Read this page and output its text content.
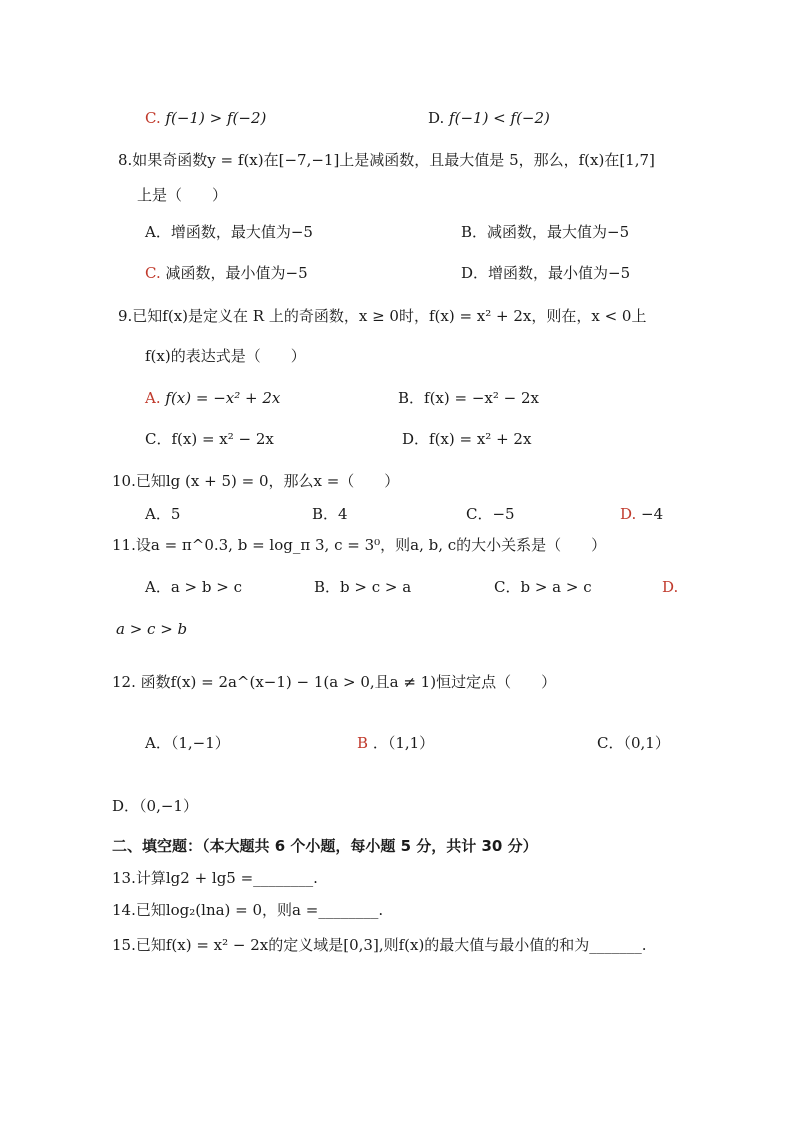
C. f(−1) > f(−2)	D. f(−1) < f(−2)
8.如果奇函数y = f(x)在[−7,−1]上是减函数，且最大值是 5，那么，f(x)在[1,7]
上是（　　）
A．增函数，最大值为−5	B．减函数，最大值为−5
C. 减函数，最小值为−5	D．增函数，最小值为−5
9.已知f(x)是定义在 R 上的奇函数，x ≥ 0时，f(x) = x² + 2x，则在，x < 0上
f(x)的表达式是（　　）
A. f(x) = −x² + 2x	B．f(x) = −x² − 2x
C．f(x) = x² − 2x	D．f(x) = x² + 2x
10.已知lg (x + 5) = 0，那么x =（　　）
A．5	B．4	C．−5	D. −4
11.设a = π^0.3, b = log_π 3, c = 3⁰，则a, b, c的大小关系是（　　）
A．a > b > c	B．b > c > a	C．b > a > c	D.
a > c > b
12. 函数f(x) = 2a^(x−1) − 1(a > 0,且a ≠ 1)恒过定点（　　）
A．（1,−1）	B ．（1,1）	C．（0,1）
D．（0,−1）
二、填空题：（本大题共 6 个小题，每小题 5 分，共计 30 分）
13.计算lg2 + lg5 =________.
14.已知log₂(lna) = 0，则a =________.
15.已知f(x) = x² − 2x的定义域是[0,3],则f(x)的最大值与最小值的和为_______.
